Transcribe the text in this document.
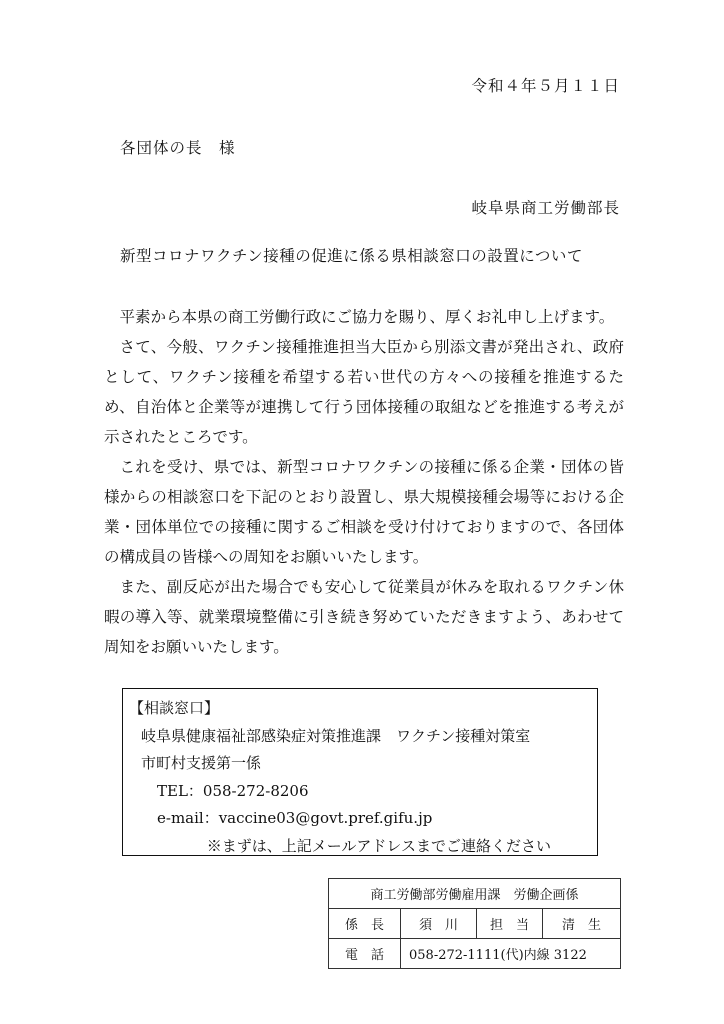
令和４年５月１１日
各団体の長　様
岐阜県商工労働部長
新型コロナワクチン接種の促進に係る県相談窓口の設置について

平素から本県の商工労働行政にご協力を賜り、厚くお礼申し上げます。

さて、今般、ワクチン接種推進担当大臣から別添文書が発出され、政府として、ワクチン接種を希望する若い世代の方々への接種を推進するため、自治体と企業等が連携して行う団体接種の取組などを推進する考えが示されたところです。

これを受け、県では、新型コロナワクチンの接種に係る企業・団体の皆様からの相談窓口を下記のとおり設置し、県大規模接種会場等における企業・団体単位での接種に関するご相談を受け付けておりますので、各団体の構成員の皆様への周知をお願いいたします。

また、副反応が出た場合でも安心して従業員が休みを取れるワクチン休暇の導入等、就業環境整備に引き続き努めていただきますよう、あわせて周知をお願いいたします。

【相談窓口】
岐阜県健康福祉部感染症対策推進課　ワクチン接種対策室
市町村支援第一係
TEL：058-272-8206
e-mail：vaccine03@govt.pref.gifu.jp
※まずは、上記メールアドレスまでご連絡ください
商工労働部労働雇用課　労働企画係			
係　長	須　川	担　当	清　生
電　話	058-272-1111(代)内線 3122		
